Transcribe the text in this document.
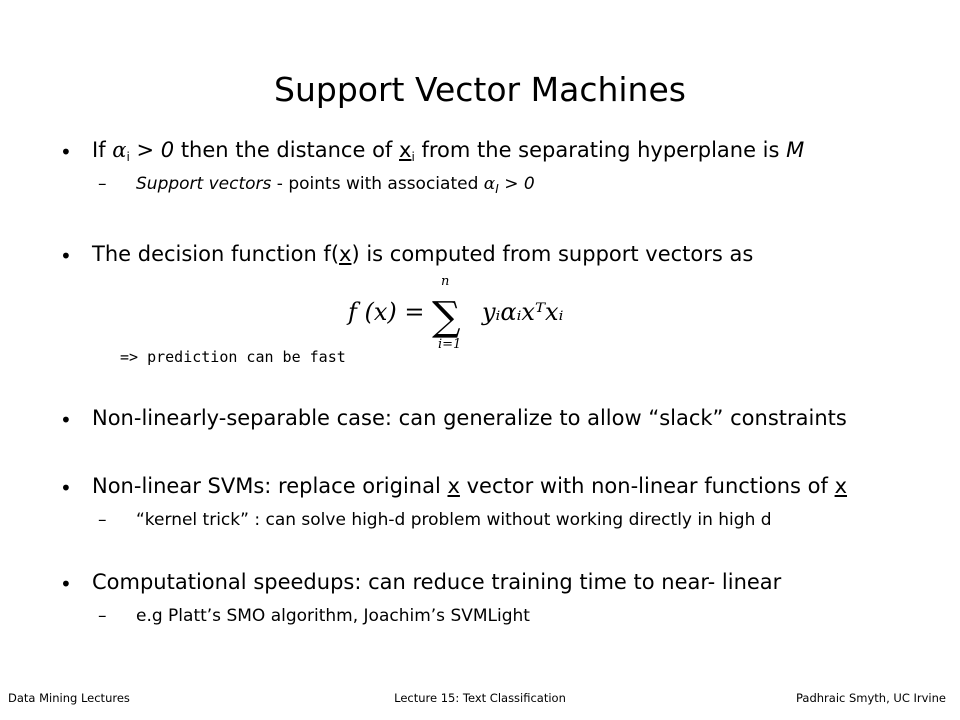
Support Vector Machines
• If $\alpha_i > 0$ then the distance of $x_i$ from the separating hyperplane is M
– Support vectors - points with associated $\alpha_I > 0$
• The decision function f(x) is computed from support vectors as
f (x) =
n
∑
i=1
yᵢαᵢxᵀxᵢ
=> prediction can be fast
• Non-linearly-separable case: can generalize to allow “slack” constraints
• Non-linear SVMs: replace original x vector with non-linear functions of x
– “kernel trick” : can solve high-d problem without working directly in high d
• Computational speedups: can reduce training time to near- linear
– e.g Platt’s SMO algorithm, Joachim’s SVMLight
Data Mining Lectures	Lecture 15: Text Classification	Padhraic Smyth, UC Irvine
